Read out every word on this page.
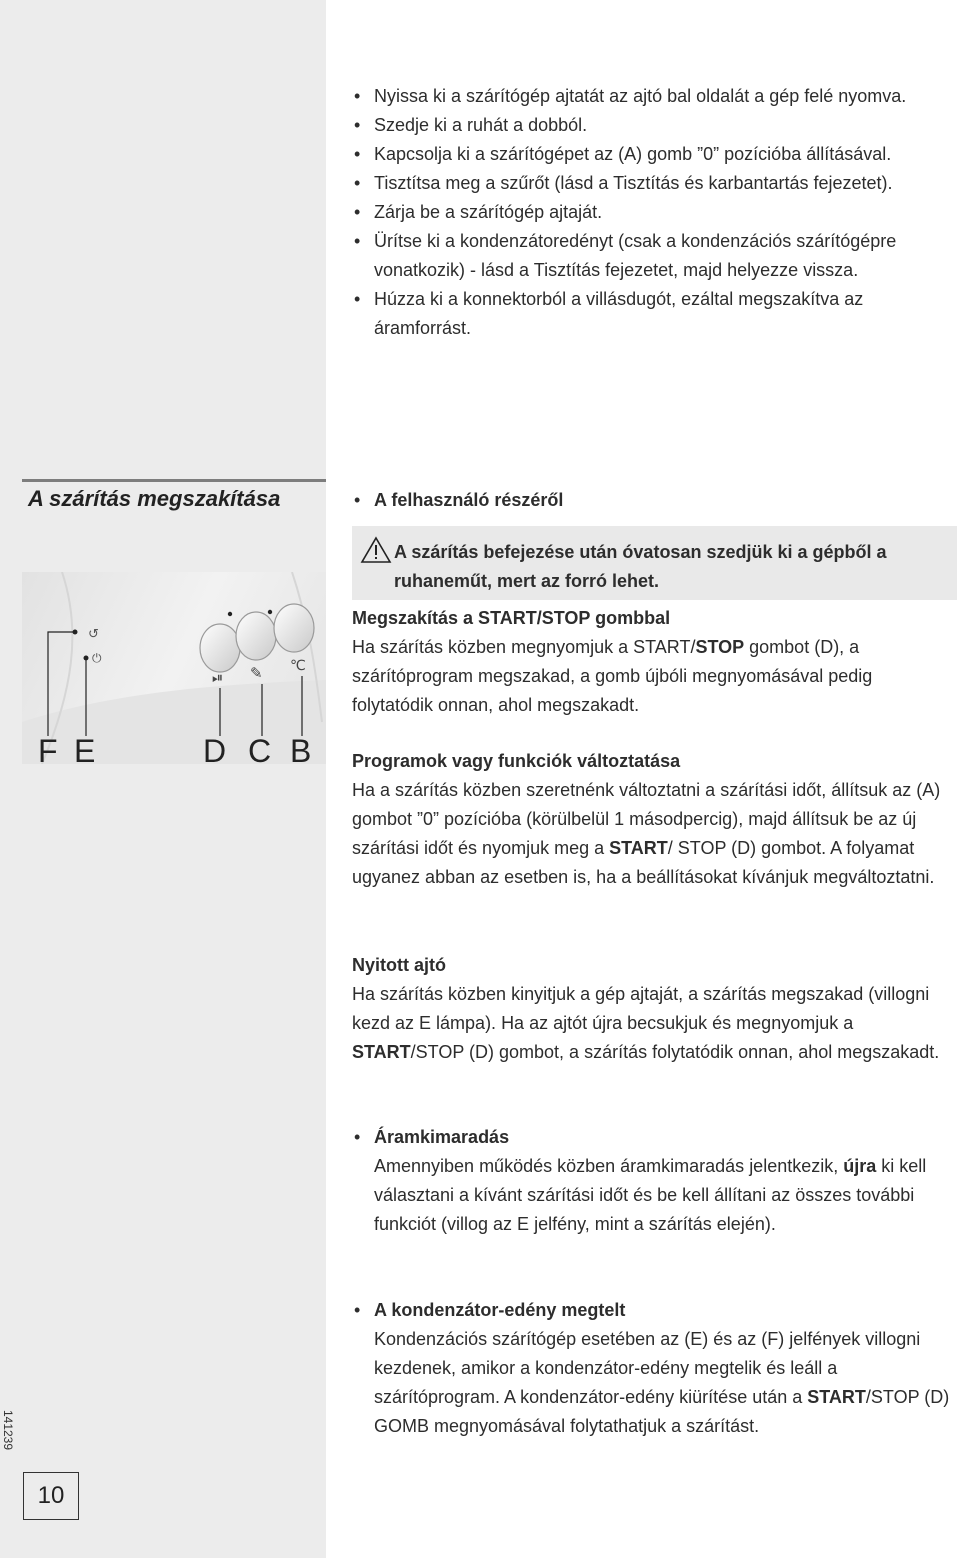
A szárítás megszakítása
↺
⏻
⏯ ✎ ℃
F E	D C B
141239
10
• Nyissa ki a szárítógép ajtatát az ajtó bal oldalát a gép felé nyomva.
• Szedje ki a ruhát a dobból.
• Kapcsolja ki a szárítógépet az (A) gomb ”0” pozícióba állításával.
• Tisztítsa meg a szűrőt (lásd a Tisztítás és karbantartás fejezetet).
• Zárja be a szárítógép ajtaját.
• Ürítse ki a kondenzátoredényt (csak a kondenzációs szárítógépre vonatkozik) - lásd a Tisztítás fejezetet, majd helyezze vissza.
• Húzza ki a konnektorból a villásdugót, ezáltal megszakítva az áramforrást.
• A felhasználó részéről
A szárítás befejezése után óvatosan szedjük ki a gépből a ruhaneműt, mert az forró lehet.
Megszakítás a START/STOP gombbal
Ha szárítás közben megnyomjuk a START/STOP gombot (D), a szárítóprogram megszakad, a gomb újbóli megnyomásával pedig folytatódik onnan, ahol megszakadt.
Programok vagy funkciók változtatása
Ha a szárítás közben szeretnénk változtatni a szárítási időt, állítsuk az (A) gombot ”0” pozícióba (körülbelül 1 másodpercig), majd állítsuk be az új szárítási időt és nyomjuk meg a START/ STOP (D) gombot. A folyamat ugyanez abban az esetben is, ha a beállításokat kívánjuk megváltoztatni.
Nyitott ajtó
Ha szárítás közben kinyitjuk a gép ajtaját, a szárítás megszakad (villogni kezd az E lámpa). Ha az ajtót újra becsukjuk és megnyomjuk a START/STOP (D) gombot, a szárítás folytatódik onnan, ahol megszakadt.
• Áramkimaradás
Amennyiben működés közben áramkimaradás jelentkezik, újra ki kell választani a kívánt szárítási időt és be kell állítani az összes további funkciót (villog az E jelfény, mint a szárítás elején).
• A kondenzátor-edény megtelt
Kondenzációs szárítógép esetében az (E) és az (F) jelfények villogni kezdenek, amikor a kondenzátor-edény megtelik és leáll a szárítóprogram. A kondenzátor-edény kiürítése után a START/STOP (D) GOMB megnyomásával folytathatjuk a szárítást.
